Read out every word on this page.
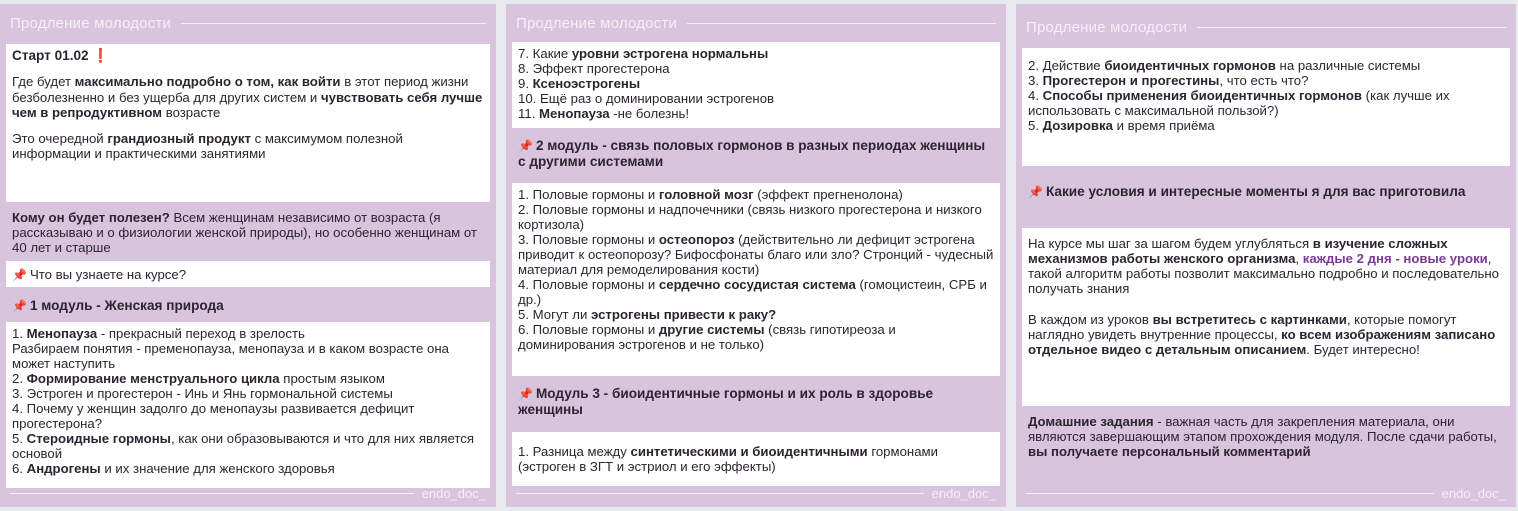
Продление молодости

Старт 01.02 ❗

Где будет максимально подробно о том, как войти в этот период жизни безболезненно и без ущерба для других систем и чувствовать себя лучше чем в репродуктивном возрасте

Это очередной грандиозный продукт с максимумом полезной информации и практическими занятиями

Кому он будет полезен? Всем женщинам независимо от возраста (я рассказываю и о физиологии женской природы), но особенно женщинам от 40 лет и старше

📌 Что вы узнаете на курсе?

📌 1 модуль - Женская природа

1. Менопауза - прекрасный переход в зрелость

Разбираем понятия - пременопауза, менопауза и в каком возрасте она может наступить

2. Формирование менструального цикла простым языком

3. Эстроген и прогестерон - Инь и Янь гормональной системы

4. Почему у женщин задолго до менопаузы развивается дефицит прогестерона?

5. Стероидные гормоны, как они образовываются и что для них является основой

6. Андрогены и их значение для женского здоровья

endo_doc_
Продление молодости

7. Какие уровни эстрогена нормальны

8. Эффект прогестерона

9. Ксеноэстрогены

10. Ещё раз о доминировании эстрогенов

11. Менопауза -не болезнь!

📌 2 модуль - связь половых гормонов в разных периодах женщины с другими системами

1. Половые гормоны и головной мозг (эффект прегненолона)

2. Половые гормоны и надпочечники (связь низкого прогестерона и низкого кортизола)

3. Половые гормоны и остеопороз (действительно ли дефицит эстрогена приводит к остеопорозу? Бифосфонаты благо или зло? Стронций - чудесный материал для ремоделирования кости)

4. Половые гормоны и сердечно сосудистая система (гомоцистеин, СРБ и др.)

5. Могут ли эстрогены привести к раку?

6. Половые гормоны и другие системы (связь гипотиреоза и доминирования эстрогенов и не только)

📌 Модуль 3 - биоидентичные гормоны и их роль в здоровье женщины

1. Разница между синтетическими и биоидентичными гормонами (эстроген в ЗГТ и эстриол и его эффекты)

endo_doc_
Продление молодости

2. Действие биоидентичных гормонов на различные системы

3. Прогестерон и прогестины, что есть что?

4. Способы применения биоидентичных гормонов (как лучше их использовать с максимальной пользой?)

5. Дозировка и время приёма

📌 Какие условия и интересные моменты я для вас приготовила

На курсе мы шаг за шагом будем углубляться в изучение сложных механизмов работы женского организма, каждые 2 дня - новые уроки, такой алгоритм работы позволит максимально подробно и последовательно получать знания

В каждом из уроков вы встретитесь с картинками, которые помогут наглядно увидеть внутренние процессы, ко всем изображениям записано отдельное видео с детальным описанием. Будет интересно!

Домашние задания - важная часть для закрепления материала, они являются завершающим этапом прохождения модуля. После сдачи работы, вы получаете персональный комментарий

endo_doc_
